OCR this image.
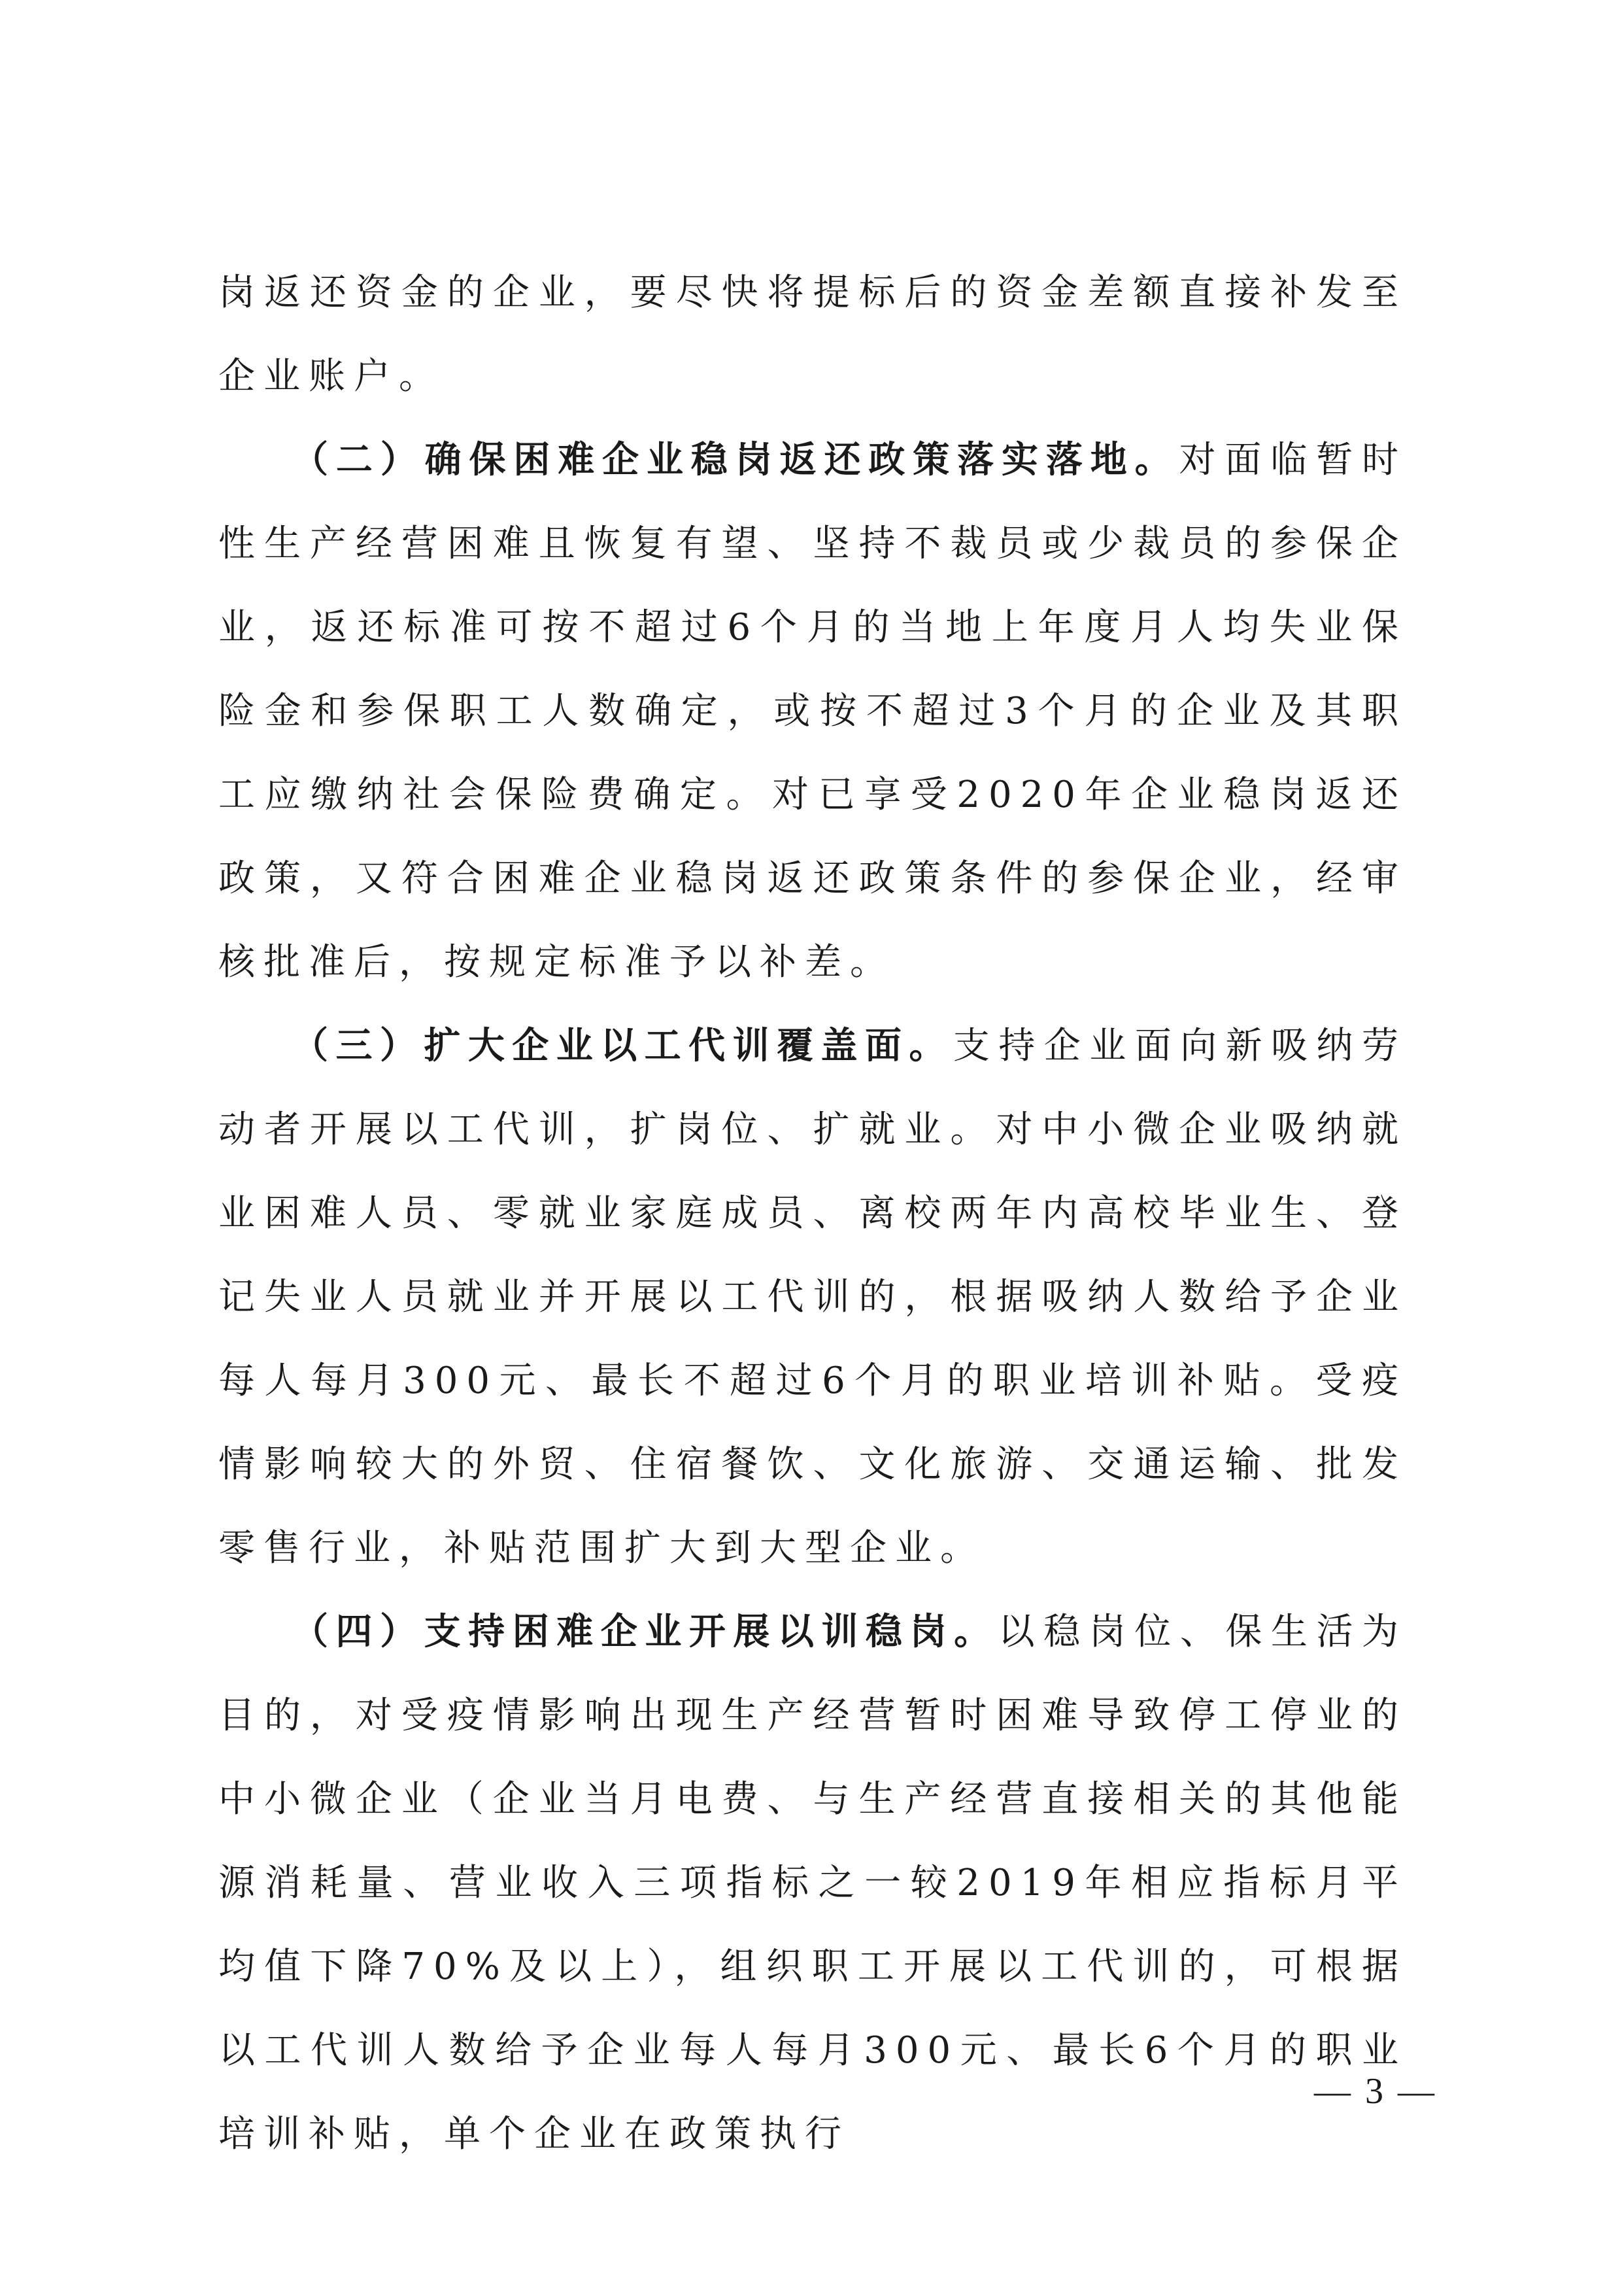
岗返还资金的企业，要尽快将提标后的资金差额直接补发至企业账户。

（二）确保困难企业稳岗返还政策落实落地。对面临暂时性生产经营困难且恢复有望、坚持不裁员或少裁员的参保企业，返还标准可按不超过6个月的当地上年度月人均失业保险金和参保职工人数确定，或按不超过3个月的企业及其职工应缴纳社会保险费确定。对已享受2020年企业稳岗返还政策，又符合困难企业稳岗返还政策条件的参保企业，经审核批准后，按规定标准予以补差。

（三）扩大企业以工代训覆盖面。支持企业面向新吸纳劳动者开展以工代训，扩岗位、扩就业。对中小微企业吸纳就业困难人员、零就业家庭成员、离校两年内高校毕业生、登记失业人员就业并开展以工代训的，根据吸纳人数给予企业每人每月300元、最长不超过6个月的职业培训补贴。受疫情影响较大的外贸、住宿餐饮、文化旅游、交通运输、批发零售行业，补贴范围扩大到大型企业。

（四）支持困难企业开展以训稳岗。以稳岗位、保生活为目的，对受疫情影响出现生产经营暂时困难导致停工停业的中小微企业（企业当月电费、与生产经营直接相关的其他能源消耗量、营业收入三项指标之一较2019年相应指标月平均值下降70%及以上），组织职工开展以工代训的，可根据以工代训人数给予企业每人每月300元、最长6个月的职业培训补贴，单个企业在政策执行

— 3 —
